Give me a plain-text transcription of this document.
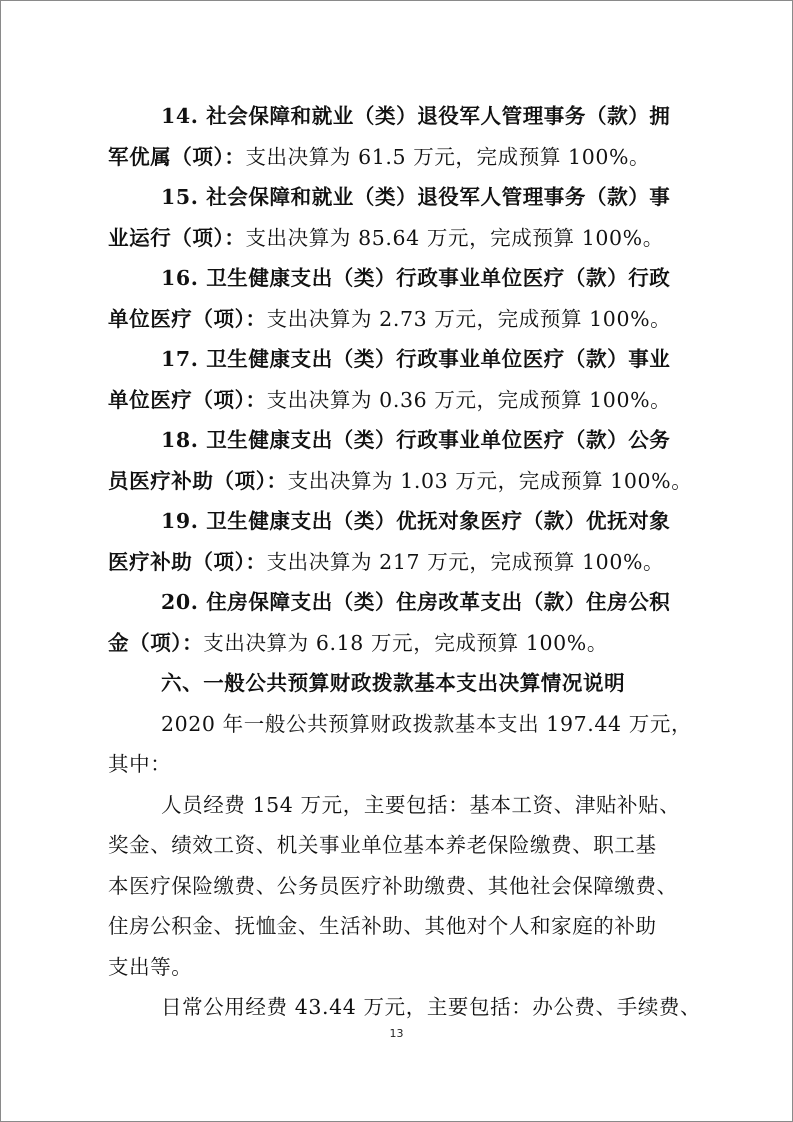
14. 社会保障和就业（类）退役军人管理事务（款）拥
军优属（项）：支出决算为 61.5 万元，完成预算 100%。
15. 社会保障和就业（类）退役军人管理事务（款）事
业运行（项）：支出决算为 85.64 万元，完成预算 100%。
16. 卫生健康支出（类）行政事业单位医疗（款）行政
单位医疗（项）：支出决算为 2.73 万元，完成预算 100%。
17. 卫生健康支出（类）行政事业单位医疗（款）事业
单位医疗（项）：支出决算为 0.36 万元，完成预算 100%。
18. 卫生健康支出（类）行政事业单位医疗（款）公务
员医疗补助（项）：支出决算为 1.03 万元，完成预算 100%。
19. 卫生健康支出（类）优抚对象医疗（款）优抚对象
医疗补助（项）：支出决算为 217 万元，完成预算 100%。
20. 住房保障支出（类）住房改革支出（款）住房公积
金（项）：支出决算为 6.18 万元，完成预算 100%。
六、一般公共预算财政拨款基本支出决算情况说明
2020 年一般公共预算财政拨款基本支出 197.44 万元，
其中：
人员经费 154 万元，主要包括：基本工资、津贴补贴、
奖金、绩效工资、机关事业单位基本养老保险缴费、职工基
本医疗保险缴费、公务员医疗补助缴费、其他社会保障缴费、
住房公积金、抚恤金、生活补助、其他对个人和家庭的补助
支出等。
日常公用经费 43.44 万元，主要包括：办公费、手续费、
13
